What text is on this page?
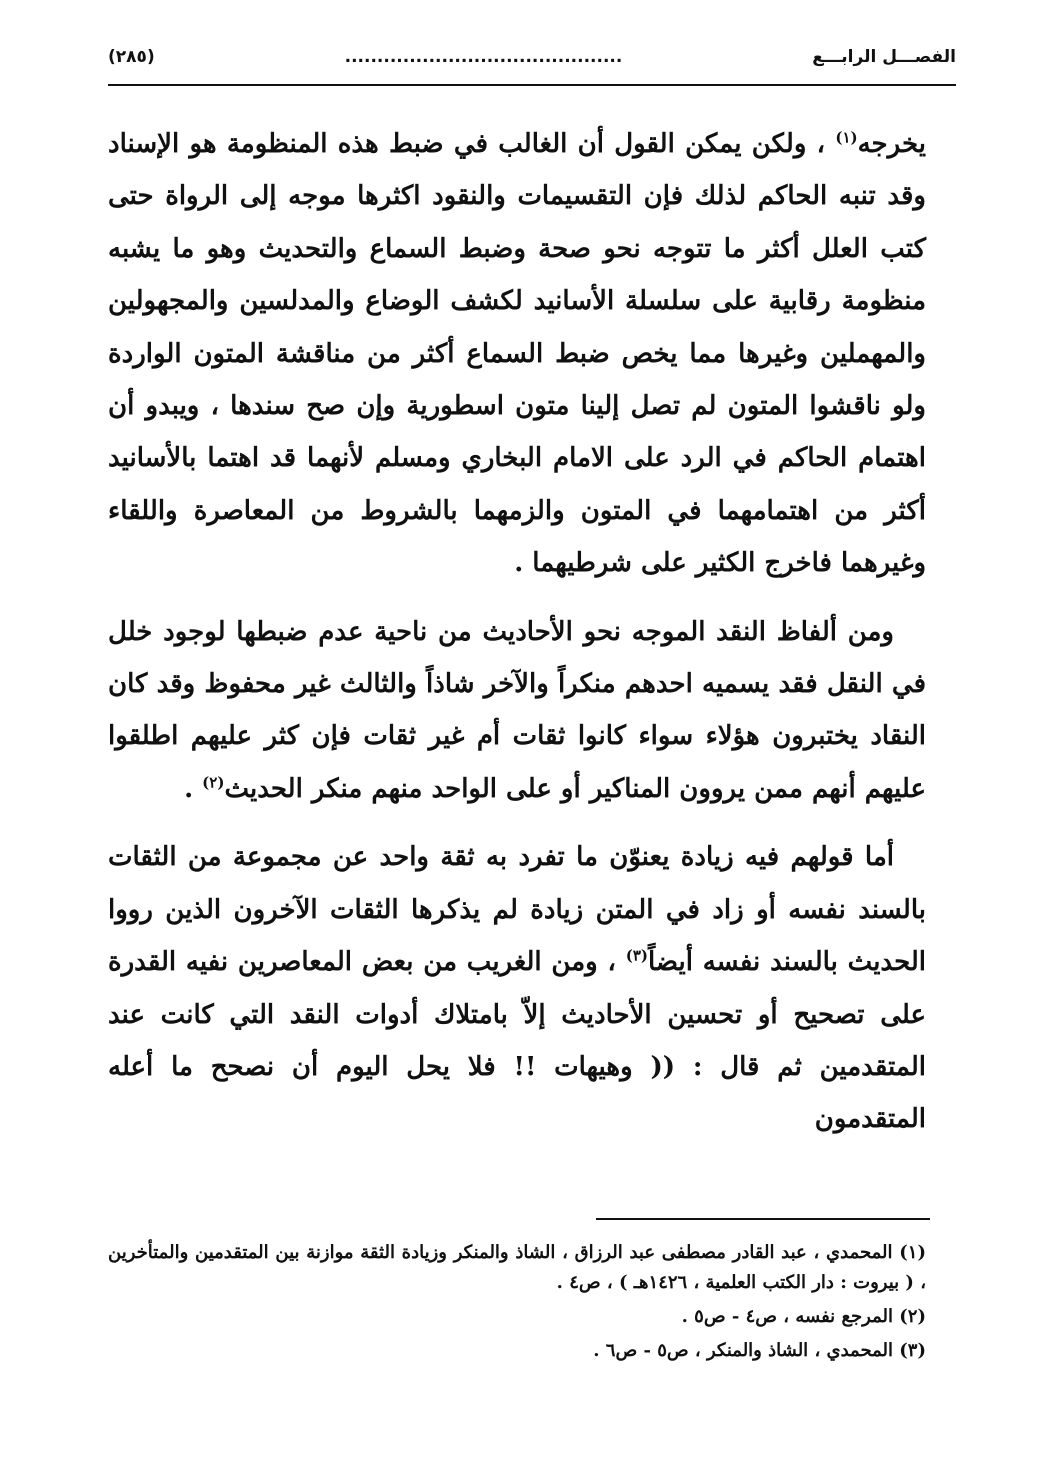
الفصـــل الرابـــع
...........................................
(٢٨٥)

يخرجه$^{(١)}$ ، ولكن يمكن القول أن الغالب في ضبط هذه المنظومة هو الإسناد وقد تنبه الحاكم لذلك فإن التقسيمات والنقود اكثرها موجه إلى الرواة حتى كتب العلل أكثر ما تتوجه نحو صحة وضبط السماع والتحديث وهو ما يشبه منظومة رقابية على سلسلة الأسانيد لكشف الوضاع والمدلسين والمجهولين والمهملين وغيرها مما يخص ضبط السماع أكثر من مناقشة المتون الواردة ولو ناقشوا المتون لم تصل إلينا متون اسطورية وإن صح سندها ، ويبدو أن اهتمام الحاكم في الرد على الامام البخاري ومسلم لأنهما قد اهتما بالأسانيد أكثر من اهتمامهما في المتون والزمهما بالشروط من المعاصرة واللقاء وغيرهما فاخرج الكثير على شرطيهما .

ومن ألفاظ النقد الموجه نحو الأحاديث من ناحية عدم ضبطها لوجود خلل في النقل فقد يسميه احدهم منكراً والآخر شاذاً والثالث غير محفوظ وقد كان النقاد يختبرون هؤلاء سواء كانوا ثقات أم غير ثقات فإن كثر عليهم اطلقوا عليهم أنهم ممن يروون المناكير أو على الواحد منهم منكر الحديث$^{(٢)}$ .

أما قولهم فيه زيادة يعنوّن ما تفرد به ثقة واحد عن مجموعة من الثقات بالسند نفسه أو زاد في المتن زيادة لم يذكرها الثقات الآخرون الذين رووا الحديث بالسند نفسه أيضاً$^{(٣)}$ ، ومن الغريب من بعض المعاصرين نفيه القدرة على تصحيح أو تحسين الأحاديث إلاّ بامتلاك أدوات النقد التي كانت عند المتقدمين ثم قال : (( وهيهات !! فلا يحل اليوم أن نصحح ما أعله المتقدمون

(١) المحمدي ، عبد القادر مصطفى عبد الرزاق ، الشاذ والمنكر وزيادة الثقة موازنة بين المتقدمين والمتأخرين ، ( بيروت : دار الكتب العلمية ، ١٤٢٦هـ ) ، ص٤ .
(٢) المرجع نفسه ، ص٤ - ص٥ .
(٣) المحمدي ، الشاذ والمنكر ، ص٥ - ص٦ .
